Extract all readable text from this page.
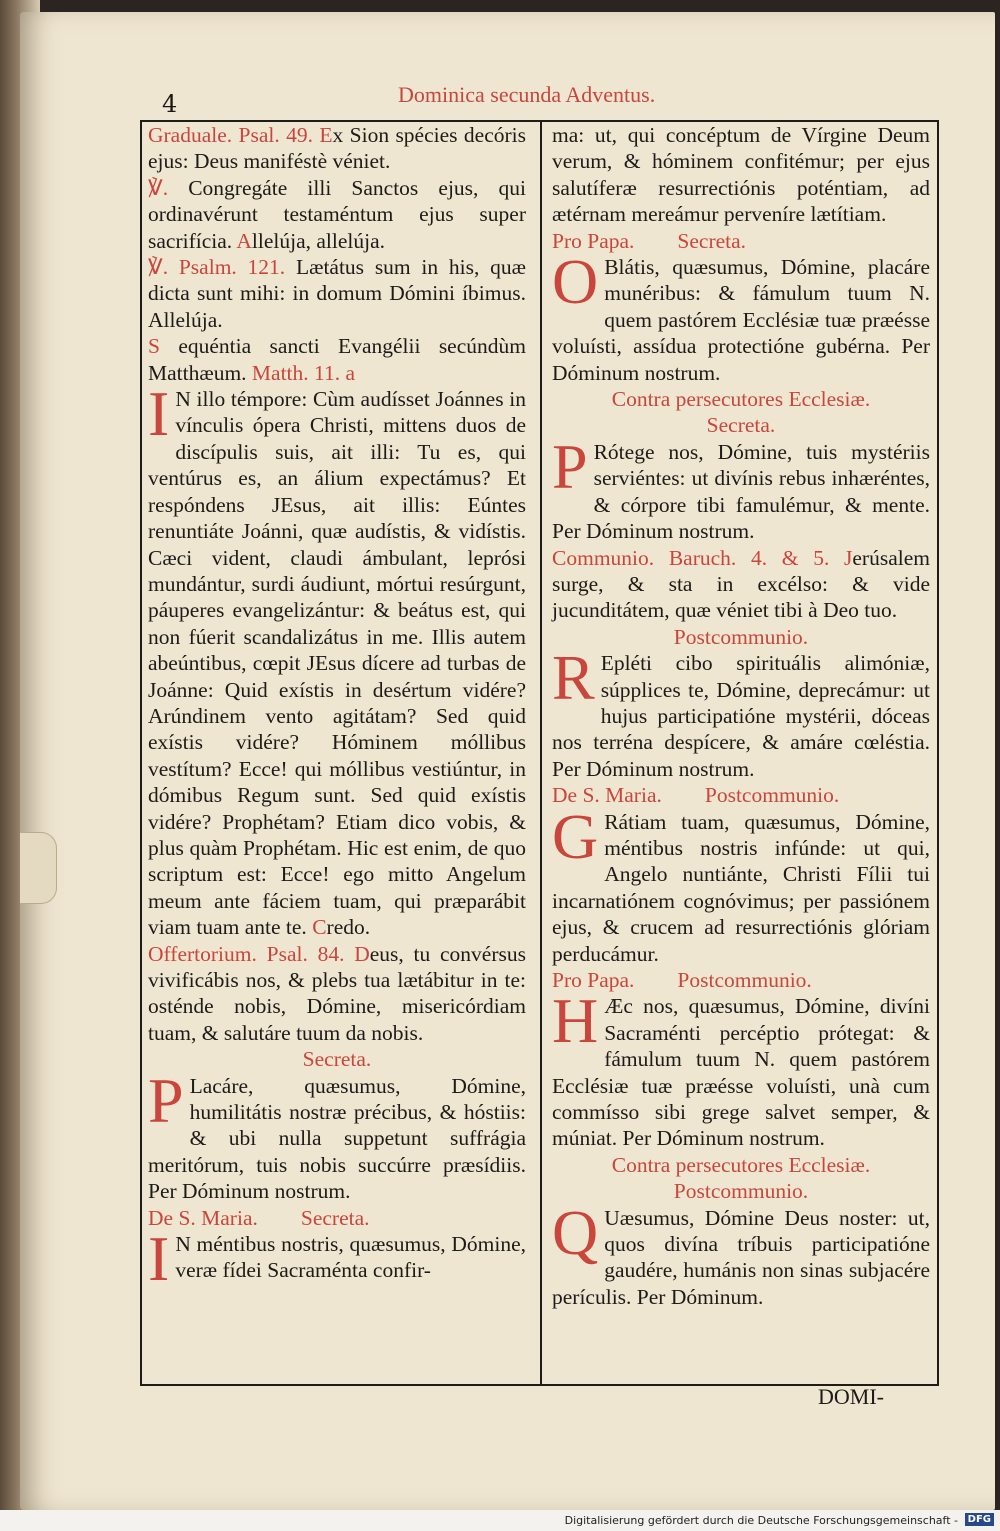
4	Dominica secunda Adventus.

Graduale. Psal. 49. Ex Sion spécies decóris ejus: Deus maniféstè véniet.

℣. Congregáte illi Sanctos ejus, qui ordinavérunt testaméntum ejus super sacrifícia. Allelúja, allelúja.

℣. Psalm. 121. Lætátus sum in his, quæ dicta sunt mihi: in domum Dómini íbimus. Allelúja.

S equéntia sancti Evangélii secúndùm Matthæum. Matth. 11. a

I N illo témpore: Cùm audísset Joánnes in vínculis ópera Christi, mittens duos de discípulis suis, ait illi: Tu es, qui ventúrus es, an álium expectámus? Et respóndens JEsus, ait illis: Eúntes renuntiáte Joánni, quæ audístis, & vidístis. Cæci vident, claudi ámbulant, leprósi mundántur, surdi áudiunt, mórtui resúrgunt, páuperes evangelizántur: & beátus est, qui non fúerit scandalizátus in me. Illis autem abeúntibus, cœpit JEsus dícere ad turbas de Joánne: Quid exístis in desértum vidére? Arúndinem vento agitátam? Sed quid exístis vidére? Hóminem móllibus vestítum? Ecce! qui móllibus vestiúntur, in dómibus Regum sunt. Sed quid exístis vidére? Prophétam? Etiam dico vobis, & plus quàm Prophétam. Hic est enim, de quo scriptum est: Ecce! ego mitto Angelum meum ante fáciem tuam, qui præparábit viam tuam ante te. Credo.

Offertorium. Psal. 84. Deus, tu convérsus vivificábis nos, & plebs tua lætábitur in te: osténde nobis, Dómine, misericórdiam tuam, & salutáre tuum da nobis.

Secreta.

P Lacáre, quæsumus, Dómine, humilitátis nostræ précibus, & hóstiis: & ubi nulla suppetunt suffrágia meritórum, tuis nobis succúrre præsídiis. Per Dóminum nostrum.

De S. Maria.   Secreta.

I N méntibus nostris, quæsumus, Dómine, veræ fídei Sacraménta confir-

ma: ut, qui concéptum de Vírgine Deum verum, & hóminem confitémur; per ejus salutíferæ resurrectiónis poténtiam, ad ætérnam mereámur perveníre lætítiam.

Pro Papa.   Secreta.

O Blátis, quæsumus, Dómine, placáre munéribus: & fámulum tuum N. quem pastórem Ecclésiæ tuæ præésse voluísti, assídua protectióne gubérna. Per Dóminum nostrum.

Contra persecutores Ecclesiæ.

Secreta.

P Rótege nos, Dómine, tuis mystériis serviéntes: ut divínis rebus inhæréntes, & córpore tibi famulémur, & mente. Per Dóminum nostrum.

Communio. Baruch. 4. & 5. Jerúsalem surge, & sta in excélso: & vide jucunditátem, quæ véniet tibi à Deo tuo.

Postcommunio.

R Epléti cibo spirituális alimóniæ, súpplices te, Dómine, deprecámur: ut hujus participatióne mystérii, dóceas nos terréna despícere, & amáre cœléstia. Per Dóminum nostrum.

De S. Maria.   Postcommunio.

G Rátiam tuam, quæsumus, Dómine, méntibus nostris infúnde: ut qui, Angelo nuntiánte, Christi Fílii tui incarnatiónem cognóvimus; per passiónem ejus, & crucem ad resurrectiónis glóriam perducámur.

Pro Papa.   Postcommunio.

H Æc nos, quæsumus, Dómine, divíni Sacraménti percéptio prótegat: & fámulum tuum N. quem pastórem Ecclésiæ tuæ præésse voluísti, unà cum commísso sibi grege salvet semper, & múniat. Per Dóminum nostrum.

Contra persecutores Ecclesiæ.

Postcommunio.

Q Uæsumus, Dómine Deus noster: ut, quos divína tríbuis participatióne gaudére, humánis non sinas subjacére perículis. Per Dóminum.

DOMI-
Digitalisierung gefördert durch die Deutsche Forschungsgemeinschaft - DFG
